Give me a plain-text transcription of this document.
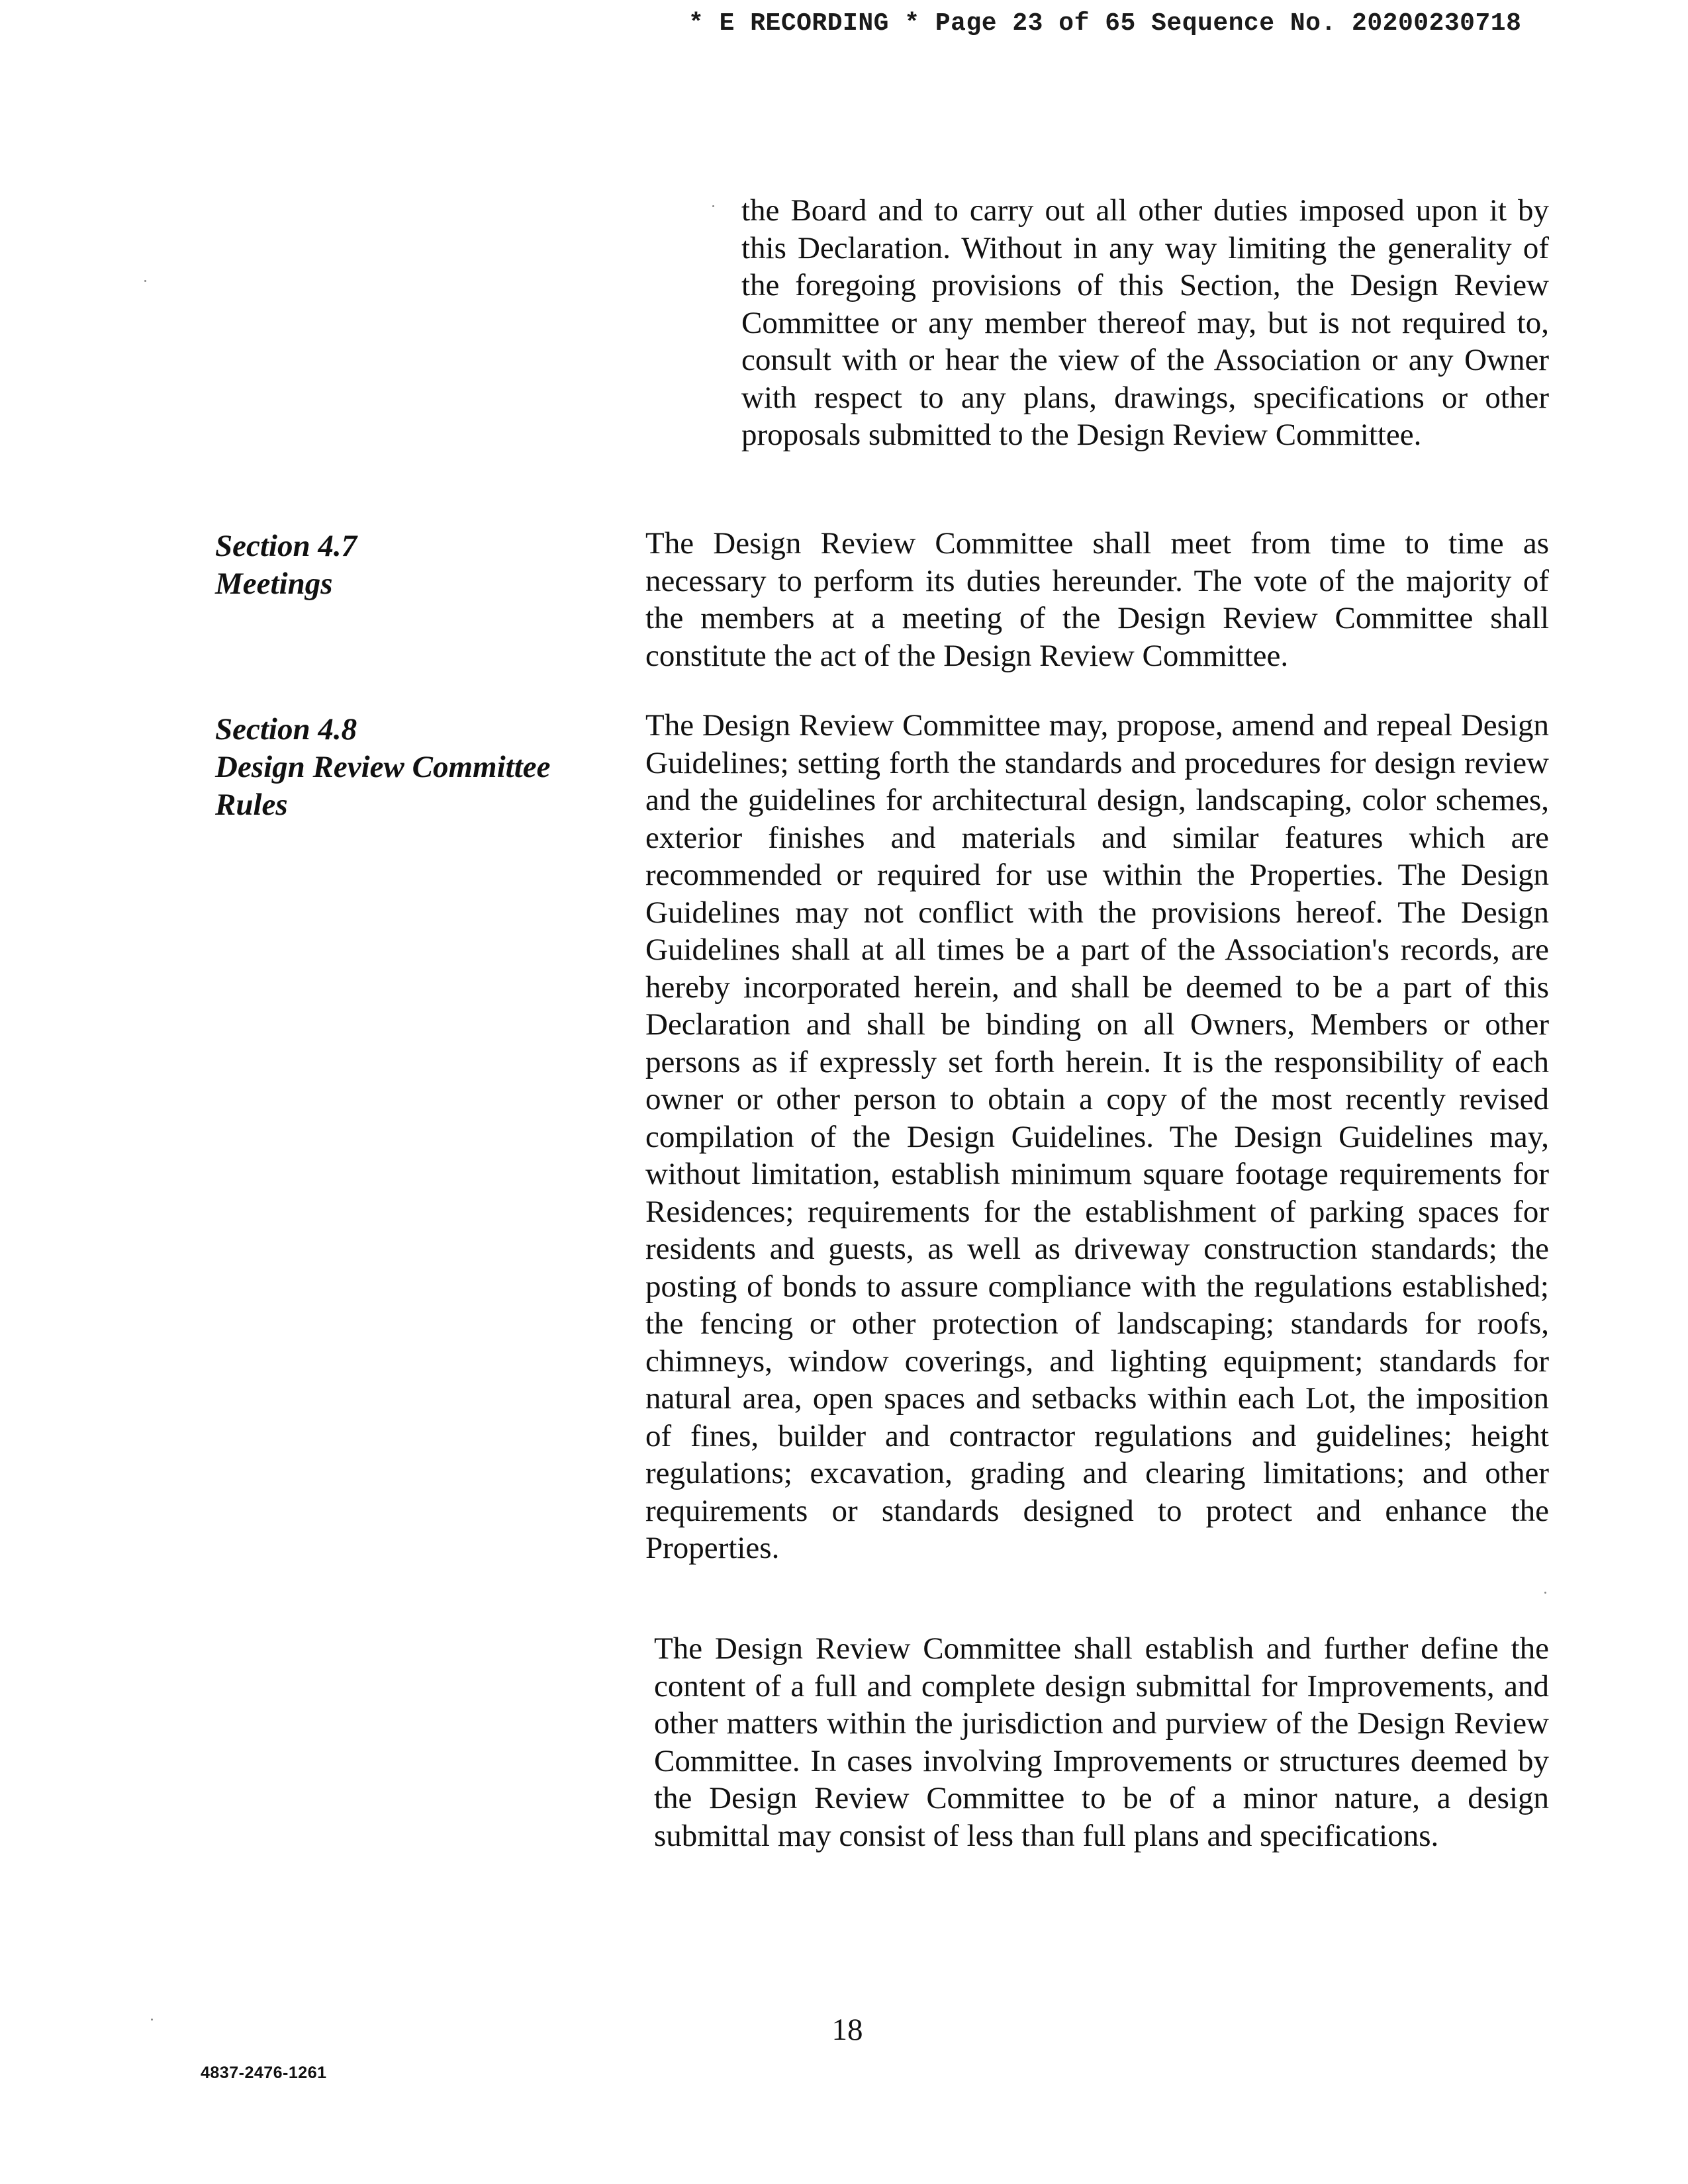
* E RECORDING * Page 23 of 65 Sequence No. 20200230718

the Board and to carry out all other duties imposed upon it by this Declaration. Without in any way limiting the generality of the foregoing provisions of this Section, the Design Review Committee or any member thereof may, but is not required to, consult with or hear the view of the Association or any Owner with respect to any plans, drawings, specifications or other proposals submitted to the Design Review Committee.

Section 4.7
Meetings

The Design Review Committee shall meet from time to time as necessary to perform its duties hereunder. The vote of the majority of the members at a meeting of the Design Review Committee shall constitute the act of the Design Review Committee.

Section 4.8
Design Review Committee
Rules

The Design Review Committee may, propose, amend and repeal Design Guidelines; setting forth the standards and procedures for design review and the guidelines for architectural design, landscaping, color schemes, exterior finishes and materials and similar features which are recommended or required for use within the Properties. The Design Guidelines may not conflict with the provisions hereof. The Design Guidelines shall at all times be a part of the Association's records, are hereby incorporated herein, and shall be deemed to be a part of this Declaration and shall be binding on all Owners, Members or other persons as if expressly set forth herein. It is the responsibility of each owner or other person to obtain a copy of the most recently revised compilation of the Design Guidelines. The Design Guidelines may, without limitation, establish minimum square footage requirements for Residences; requirements for the establishment of parking spaces for residents and guests, as well as driveway construction standards; the posting of bonds to assure compliance with the regulations established; the fencing or other protection of landscaping; standards for roofs, chimneys, window coverings, and lighting equipment; standards for natural area, open spaces and setbacks within each Lot, the imposition of fines, builder and contractor regulations and guidelines; height regulations; excavation, grading and clearing limitations; and other requirements or standards designed to protect and enhance the Properties.

The Design Review Committee shall establish and further define the content of a full and complete design submittal for Improvements, and other matters within the jurisdiction and purview of the Design Review Committee. In cases involving Improvements or structures deemed by the Design Review Committee to be of a minor nature, a design submittal may consist of less than full plans and specifications.

18
4837-2476-1261
